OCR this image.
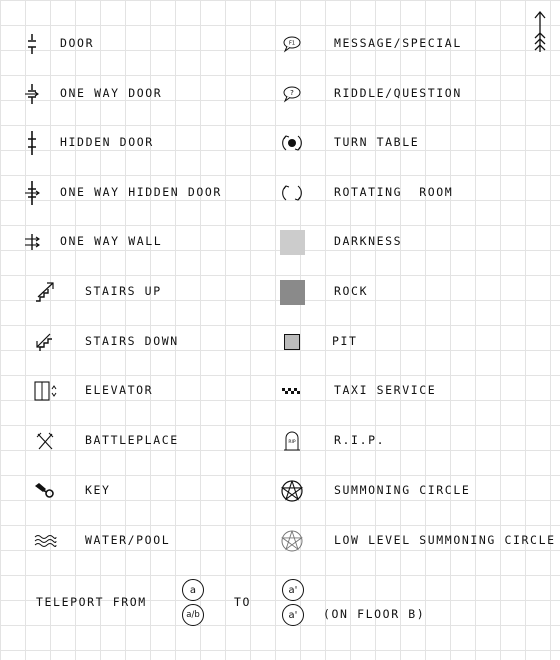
DOOR
ONE WAY DOOR
HIDDEN DOOR
ONE WAY HIDDEN DOOR
ONE WAY WALL
STAIRS UP
STAIRS DOWN
ELEVATOR
BATTLEPLACE
KEY
WATER/POOL
F1	MESSAGE/SPECIAL
?	RIDDLE/QUESTION
TURN TABLE
ROTATING  ROOM
DARKNESS
ROCK
PIT
TAXI SERVICE
RIP	R.I.P.
SUMMONING CIRCLE
LOW LEVEL SUMMONING CIRCLE
TELEPORT FROM
a
a/b
TO
a'
a'	(ON FLOOR B)
